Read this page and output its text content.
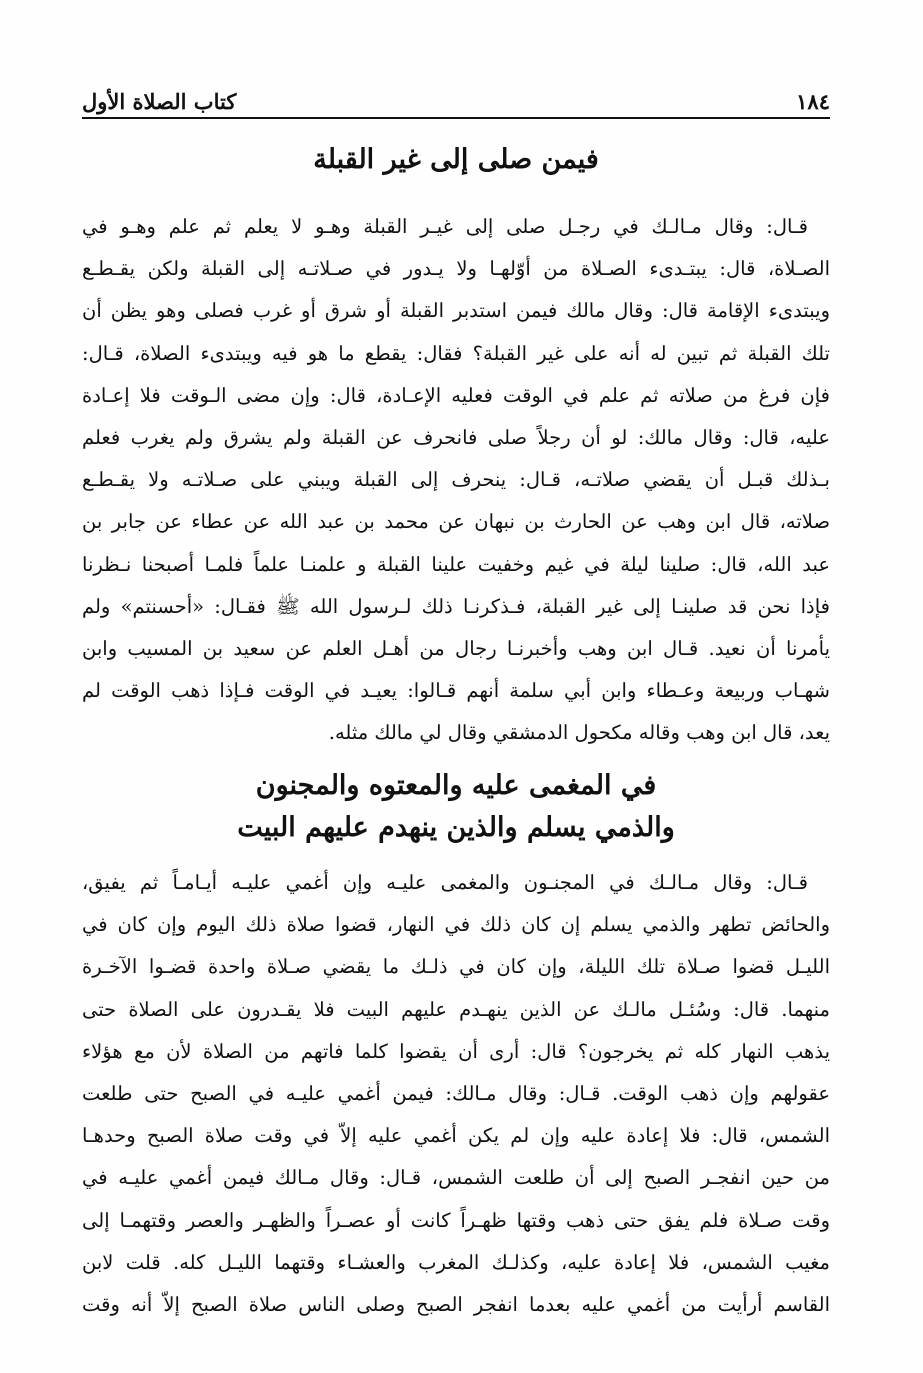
١٨٤
كتاب الصلاة الأول
فيمن صلى إلى غير القبلة
قـال: وقال مـالـك في رجـل صلى إلى غيـر القبلة وهـو لا يعلم ثم علم وهـو في
الصـلاة، قال: يبتـدىء الصـلاة من أوّلهـا ولا يـدور في صـلاتـه إلى القبلة ولكن يقـطـع
ويبتدىء الإقامة قال: وقال مالك فيمن استدبر القبلة أو شرق أو غرب فصلى وهو يظن أن
تلك القبلة ثم تبين له أنه على غير القبلة؟ فقال: يقطع ما هو فيه ويبتدىء الصلاة، قـال:
فإن فرغ من صلاته ثم علم في الوقت فعليه الإعـادة، قال: وإن مضى الـوقت فلا إعـادة
عليه، قال: وقال مالك: لو أن رجلاً صلى فانحرف عن القبلة ولم يشرق ولم يغرب فعلم
بـذلك قبـل أن يقضي صلاتـه، قـال: ينحرف إلى القبلة ويبني على صـلاتـه ولا يقـطـع
صلاته، قال ابن وهب عن الحارث بن نبهان عن محمد بن عبد الله عن عطاء عن جابر بن
عبد الله، قال: صلينا ليلة في غيم وخفيت علينا القبلة و علمنـا علماً فلمـا أصبحنا نـظرنا
فإذا نحن قد صلينـا إلى غير القبلة، فـذكرنـا ذلك لـرسول الله ﷺ فقـال: «أحسنتم» ولم
يأمرنا أن نعيد. قـال ابن وهب وأخبرنـا رجال من أهـل العلم عن سعيد بن المسيب وابن
شهـاب وربيعة وعـطاء وابن أبي سلمة أنهم قـالوا: يعيـد في الوقت فـإذا ذهب الوقت لم
يعد، قال ابن وهب وقاله مكحول الدمشقي وقال لي مالك مثله.
في المغمى عليه والمعتوه والمجنون
والذمي يسلم والذين ينهدم عليهم البيت
قـال: وقال مـالـك في المجنـون والمغمى عليـه وإن أغمي عليـه أيـامـاً ثم يفيق،
والحائض تطهر والذمي يسلم إن كان ذلك في النهار، قضوا صلاة ذلك اليوم وإن كان في
الليـل قضوا صـلاة تلك الليلة، وإن كان في ذلـك ما يقضي صـلاة واحدة قضـوا الآخـرة
منهما. قال: وسُئـل مالـك عن الذين ينهـدم عليهم البيت فلا يقـدرون على الصلاة حتى
يذهب النهار كله ثم يخرجون؟ قال: أرى أن يقضوا كلما فاتهم من الصلاة لأن مع هؤلاء
عقولهم وإن ذهب الوقت. قـال: وقال مـالك: فيمن أغمي عليـه في الصبح حتى طلعت
الشمس، قال: فلا إعادة عليه وإن لم يكن أغمي عليه إلاّ في وقت صلاة الصبح وحدهـا
من حين انفجـر الصبح إلى أن طلعت الشمس، قـال: وقال مـالك فيمن أغمي عليـه في
وقت صـلاة فلم يفق حتى ذهب وقتها ظهـراً كانت أو عصـراً والظهـر والعصر وقتهمـا إلى
مغيب الشمس، فلا إعادة عليه، وكذلـك المغرب والعشـاء وقتهما الليـل كله. قلت لابن
القاسم أرأيت من أغمي عليه بعدما انفجر الصبح وصلى الناس صلاة الصبح إلاّ أنه وقت
